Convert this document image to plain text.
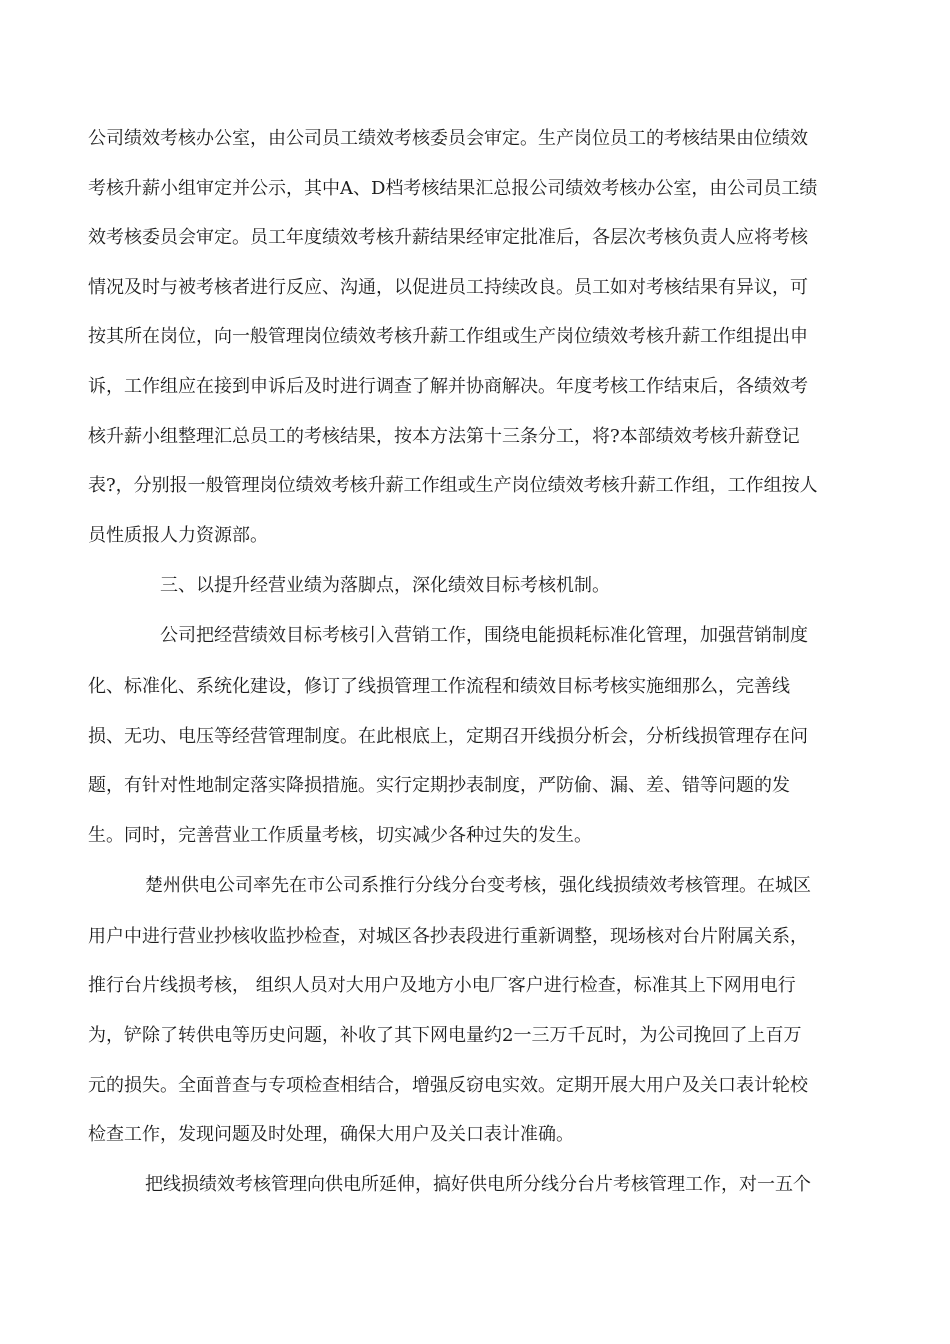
公司绩效考核办公室，由公司员工绩效考核委员会审定。生产岗位员工的考核结果由位绩效
考核升薪小组审定并公示，其中A、D档考核结果汇总报公司绩效考核办公室，由公司员工绩
效考核委员会审定。员工年度绩效考核升薪结果经审定批准后，各层次考核负责人应将考核
情况及时与被考核者进行反应、沟通，以促进员工持续改良。员工如对考核结果有异议，可
按其所在岗位，向一般管理岗位绩效考核升薪工作组或生产岗位绩效考核升薪工作组提出申
诉，工作组应在接到申诉后及时进行调查了解并协商解决。年度考核工作结束后，各绩效考
核升薪小组整理汇总员工的考核结果，按本方法第十三条分工，将?本部绩效考核升薪登记
表?，分别报一般管理岗位绩效考核升薪工作组或生产岗位绩效考核升薪工作组，工作组按人
员性质报人力资源部。
三、以提升经营业绩为落脚点，深化绩效目标考核机制。
公司把经营绩效目标考核引入营销工作，围绕电能损耗标准化管理，加强营销制度
化、标准化、系统化建设，修订了线损管理工作流程和绩效目标考核实施细那么，完善线
损、无功、电压等经营管理制度。在此根底上，定期召开线损分析会，分析线损管理存在问
题，有针对性地制定落实降损措施。实行定期抄表制度，严防偷、漏、差、错等问题的发
生。同时，完善营业工作质量考核，切实减少各种过失的发生。
楚州供电公司率先在市公司系推行分线分台变考核，强化线损绩效考核管理。在城区
用户中进行营业抄核收监抄检查，对城区各抄表段进行重新调整，现场核对台片附属关系，
推行台片线损考核， 组织人员对大用户及地方小电厂客户进行检查，标准其上下网用电行
为，铲除了转供电等历史问题，补收了其下网电量约2一三万千瓦时，为公司挽回了上百万
元的损失。全面普查与专项检查相结合，增强反窃电实效。定期开展大用户及关口表计轮校
检查工作，发现问题及时处理，确保大用户及关口表计准确。
把线损绩效考核管理向供电所延伸，搞好供电所分线分台片考核管理工作，对一五个
